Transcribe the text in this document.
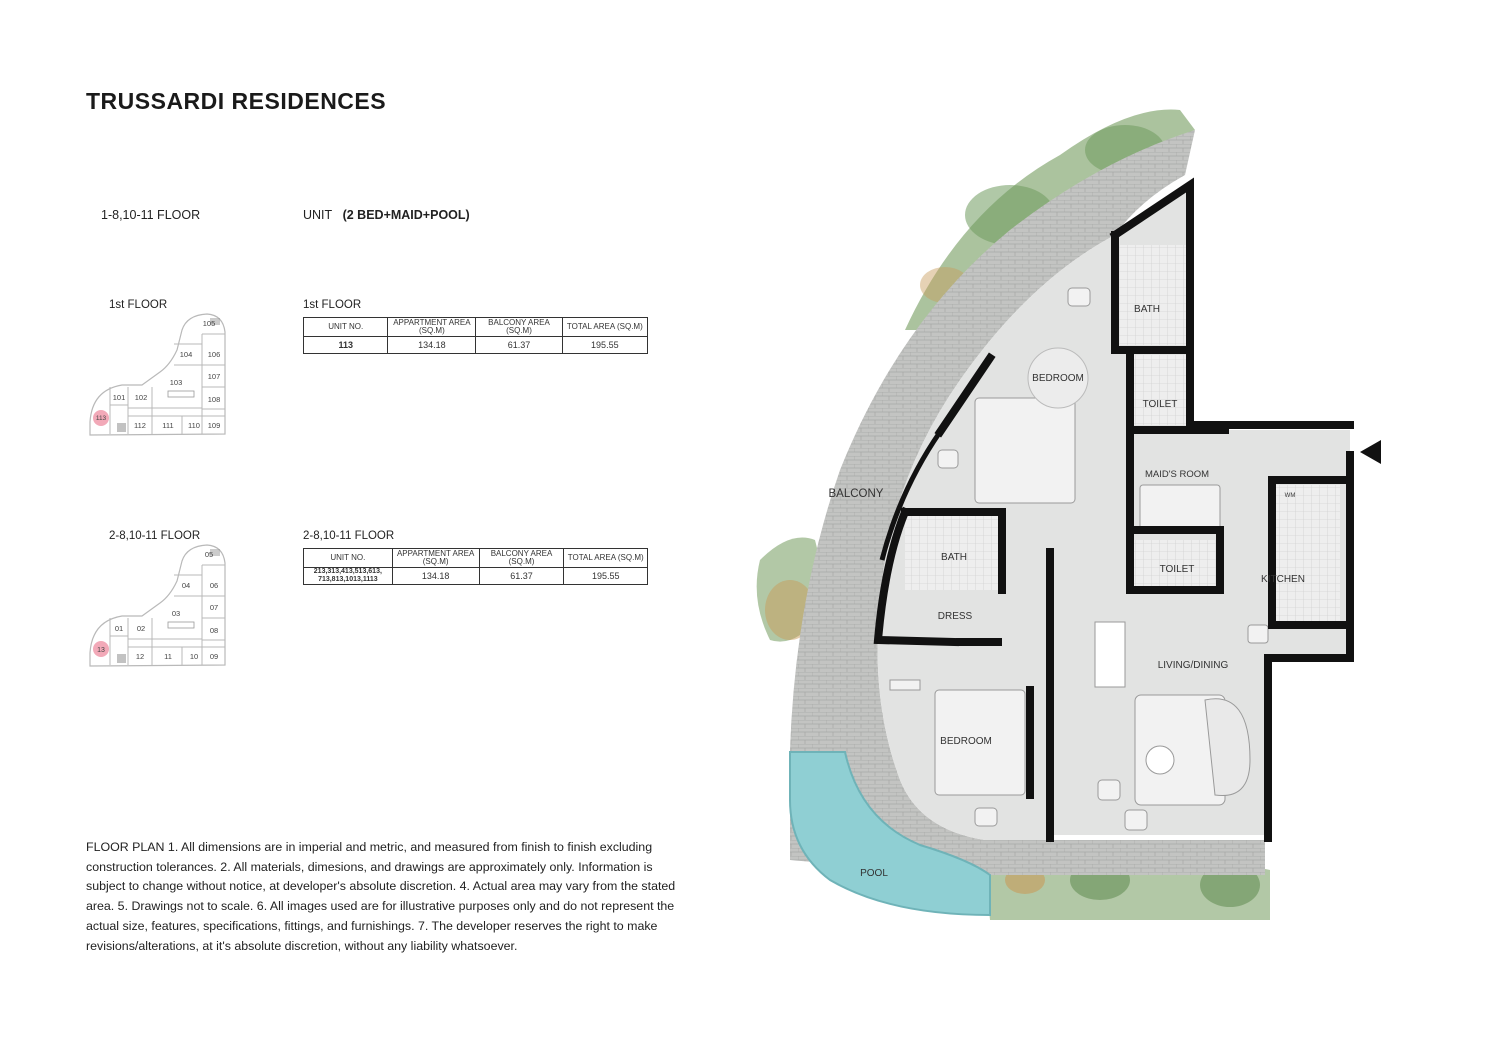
TRUSSARDI RESIDENCES
1-8,10-11 FLOOR	UNIT (2 BED+MAID+POOL)
1st FLOOR
105
104 106
103
107
101 102	108
113
112 111 110 109
2-8,10-11 FLOOR
05
04	06
03
07
01 02	08
13
12	11 10 09
1st FLOOR
UNIT NO.	APPARTMENT AREA (SQ.M)	BALCONY AREA (SQ.M)	TOTAL AREA (SQ.M)
113	134.18	61.37	195.55
2-8,10-11 FLOOR
UNIT NO.	APPARTMENT AREA (SQ.M)	BALCONY AREA (SQ.M)	TOTAL AREA (SQ.M)
213,313,413,513,613, 713,813,1013,1113	134.18	61.37	195.55
FLOOR PLAN 1. All dimensions are in imperial and metric, and measured from finish to finish excluding construction tolerances. 2. All materials, dimesions, and drawings are approximately only. Information is subject to change without notice, at developer's absolute discretion. 4. Actual area may vary from the stated area. 5. Drawings not to scale. 6. All images used are for illustrative purposes only and do not represent the actual size, features, specifications, fittings, and furnishings. 7. The developer reserves the right to make revisions/alterations, at it's absolute discretion, without any liability whatsoever.
BATH
BEDROOM
TOILET
MAID'S ROOM
BALCONY
BATH
TOILET
KITCHEN
DRESS
LIVING/DINING
BEDROOM
POOL
WM
